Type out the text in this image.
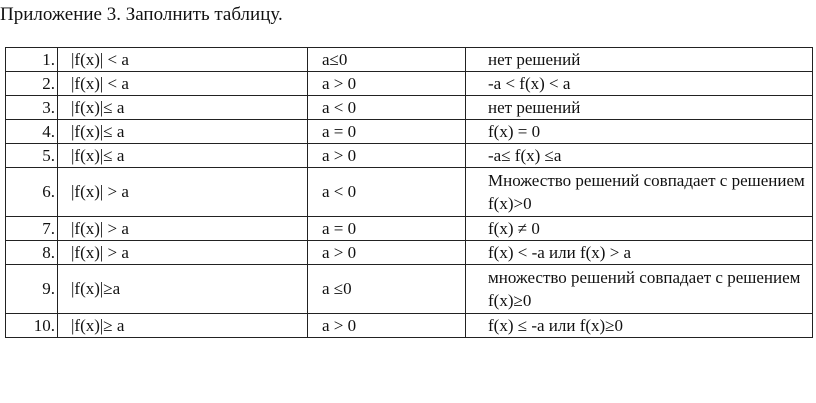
Приложение 3. Заполнить таблицу.
1.	|f(x)| < a	a≤0	нет решений
2.	|f(x)| < a	a > 0	-a < f(x) < a
3.	|f(x)|≤ a	a < 0	нет решений
4.	|f(x)|≤ a	a = 0	f(x) = 0
5.	|f(x)|≤ a	a > 0	-a≤ f(x) ≤a
6.	|f(x)| > a	a < 0	Множество решений совпадает с решением f(x)>0
7.	|f(x)| > a	a = 0	f(x) ≠ 0
8.	|f(x)| > a	a > 0	f(x) < -a или f(x) > a
9.	|f(x)|≥a	a ≤0	множество решений совпадает с решением f(x)≥0
10.	|f(x)|≥ a	a > 0	f(x) ≤ -a или f(x)≥0
